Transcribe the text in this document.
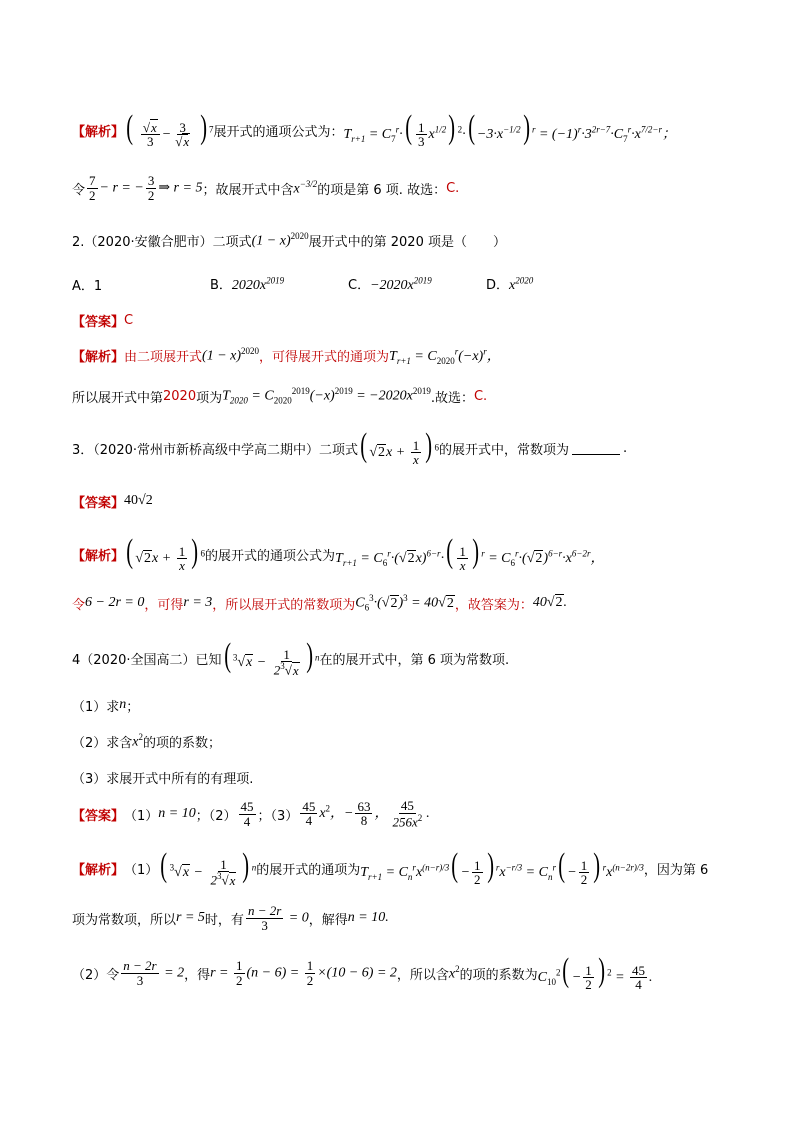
【解析】 ( $\frac{√x}{3} - \frac{3}{√x}$ ) $^7$ 展开式的通项公式为： $T_{r+1} = C_7^r\cdot( \frac{1}{3} x^{1/2})$ $^2\cdot( -3\cdot x^{-1/2})$ $^r = (-1)^r\cdot 3^{2r-7}\cdot C_7^r\cdot x^{7/2-r}$；
令 $\frac{7}{2} - r$ = − $\frac{3}{2}$ ⇒ r = 5 ；故展开式中含 $x^{-3/2}$ 的项是第 6 项. 故选： C.
2.（2020·安徽合肥市）二项式 $(1 - x)^{2020}$ 展开式中的第 2020 项是（　　）
A．1	B．$2020x^{2019}$	C．$-2020x^{2019}$	D．$x^{2020}$
【答案】 C
【解析】 由二项展开式 $(1 - x)^{2020}$ ，可得展开式的通项为 $T_{r+1} = C_{2020}^r(-x)^r$，
所以展开式中第 2020 项为 $T_{2020} = C_{2020}^{2019}(-x)^{2019} = -2020x^{2019}$ .故选： C.
3．（2020·常州市新桥高级中学高二期中）二项式 ( $√2x + \frac{1}{x}$ ) $^6$ 的展开式中，常数项为	.
【答案】 40√2
【解析】 ( $√2x + \frac{1}{x}$ ) $^6$ 的展开式的通项公式为 $T_{r+1} = C_6^r\cdot(√2x)^{6-r}\cdot( \frac{1}{x}$ ) $^r = C_6^r\cdot(√2)^{6-r}\cdot x^{6-2r}$，
令 6 − 2r = 0 ，可得 r = 3 ，所以展开式的常数项为 $C_6^3\cdot(√2)^3 = 40√2$ ，故答案为： 40√2.
4（2020·全国高二）已知 ( $^3√x - \frac{1}{2^3√x}$ ) $^n$ 在的展开式中，第 6 项为常数项.
（1）求 n ；
（2）求含 $x^2$ 的项的系数；
（3）求展开式中所有的有理项.
【答案】 （1） n = 10 ；$(2) \frac{45}{4}$ ；$(3) \frac{45}{4} x^2$，− $\frac{63}{8}$ ， $\frac{45}{256x^2}$ .
【解析】 （1） ( $^3√x - \frac{1}{2^3√x}$ ) $^n$ 的展开式的通项为 $T_{r+1} = C_n^rx^{(n-r)/3}( - \frac{1}{2}$ ) $^rx^{-r/3} = C_n^r( - \frac{1}{2}$ ) $^rx^{(n-2r)/3}$ ，因为第 6
项为常数项，所以 r = 5 时，有 $\frac{n - 2r}{3} = 0$ ，解得 n = 10.
（2）令 $\frac{n - 2r}{3} = 2$ ，得 $r = \frac{1}{2} (n - 6) = \frac{1}{2} \times(10 - 6) = 2$ ，所以含 $x^2$ 的项的系数为 $C_{10}^2( - \frac{1}{2}$ ) $^2 = \frac{45}{4}$ .
